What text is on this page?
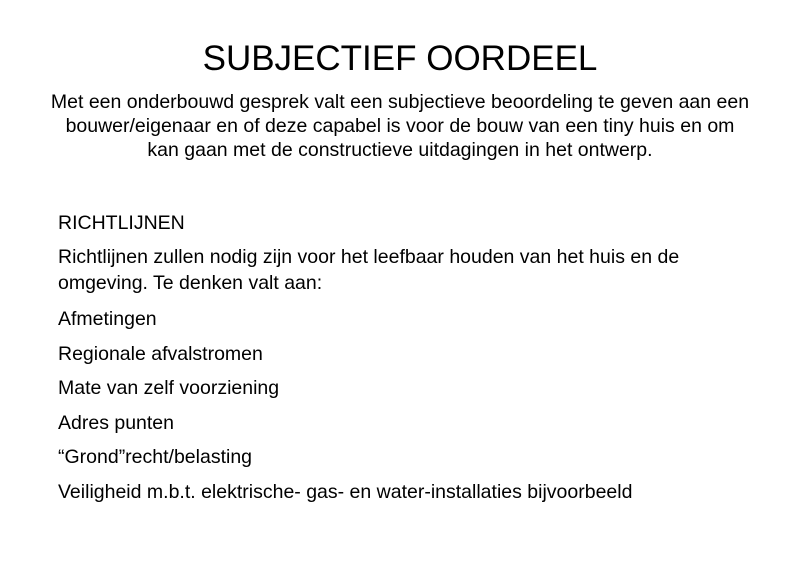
SUBJECTIEF OORDEEL

Met een onderbouwd gesprek valt een subjectieve beoordeling te geven aan een bouwer/eigenaar en of deze capabel is voor de bouw van een tiny huis en om kan gaan met de constructieve uitdagingen in het ontwerp.

RICHTLIJNEN

Richtlijnen zullen nodig zijn voor het leefbaar houden van het huis en de omgeving. Te denken valt aan:

Afmetingen
Regionale afvalstromen
Mate van zelf voorziening
Adres punten
“Grond”recht/belasting
Veiligheid m.b.t. elektrische- gas- en water-installaties bijvoorbeeld
